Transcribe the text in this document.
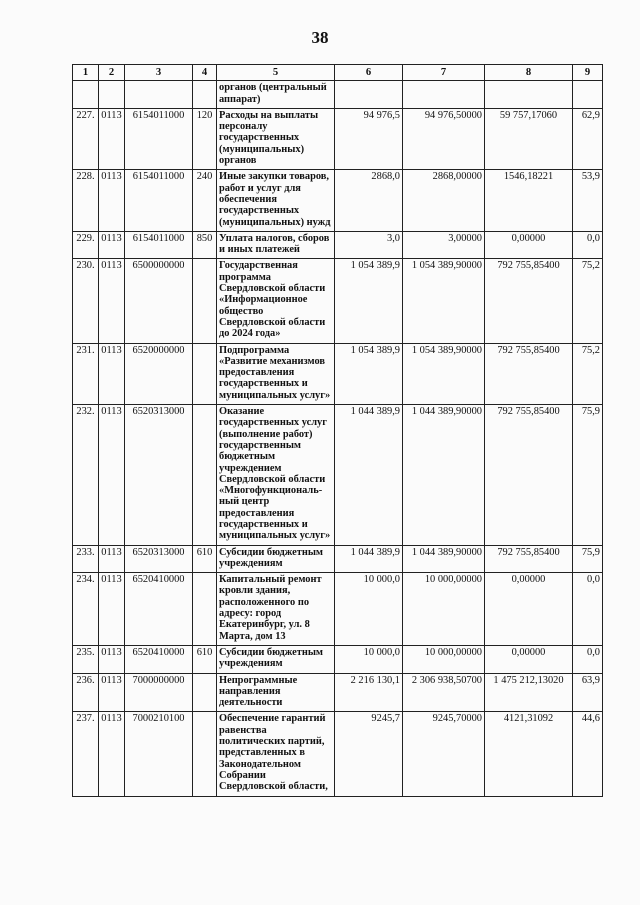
38
1	2	3	4	5	6	7	8	9
				органов (центральный аппарат)				
227.	0113	6154011000	120	Расходы на выплаты персоналу государственных (муниципальных) органов	94 976,5	94 976,50000	59 757,17060	62,9
228.	0113	6154011000	240	Иные закупки товаров, работ и услуг для обеспечения государственных (муниципальных) нужд	2868,0	2868,00000	1546,18221	53,9
229.	0113	6154011000	850	Уплата налогов, сборов и иных платежей	3,0	3,00000	0,00000	0,0
230.	0113	6500000000		Государственная программа Свердловской области «Информационное общество Свердловской области до 2024 года»	1 054 389,9	1 054 389,90000	792 755,85400	75,2
231.	0113	6520000000		Подпрограмма «Развитие механизмов предоставления государственных и муниципальных услуг»	1 054 389,9	1 054 389,90000	792 755,85400	75,2
232.	0113	6520313000		Оказание государственных услуг (выполнение работ) государственным бюджетным учреждением Свердловской области «Многофункциональ-ный центр предоставления государственных и муниципальных услуг»	1 044 389,9	1 044 389,90000	792 755,85400	75,9
233.	0113	6520313000	610	Субсидии бюджетным учреждениям	1 044 389,9	1 044 389,90000	792 755,85400	75,9
234.	0113	6520410000		Капитальный ремонт кровли здания, расположенного по адресу: город Екатеринбург, ул. 8 Марта, дом 13	10 000,0	10 000,00000	0,00000	0,0
235.	0113	6520410000	610	Субсидии бюджетным учреждениям	10 000,0	10 000,00000	0,00000	0,0
236.	0113	7000000000		Непрограммные направления деятельности	2 216 130,1	2 306 938,50700	1 475 212,13020	63,9
237.	0113	7000210100		Обеспечение гарантий равенства политических партий, представленных в Законодательном Собрании Свердловской области,	9245,7	9245,70000	4121,31092	44,6
